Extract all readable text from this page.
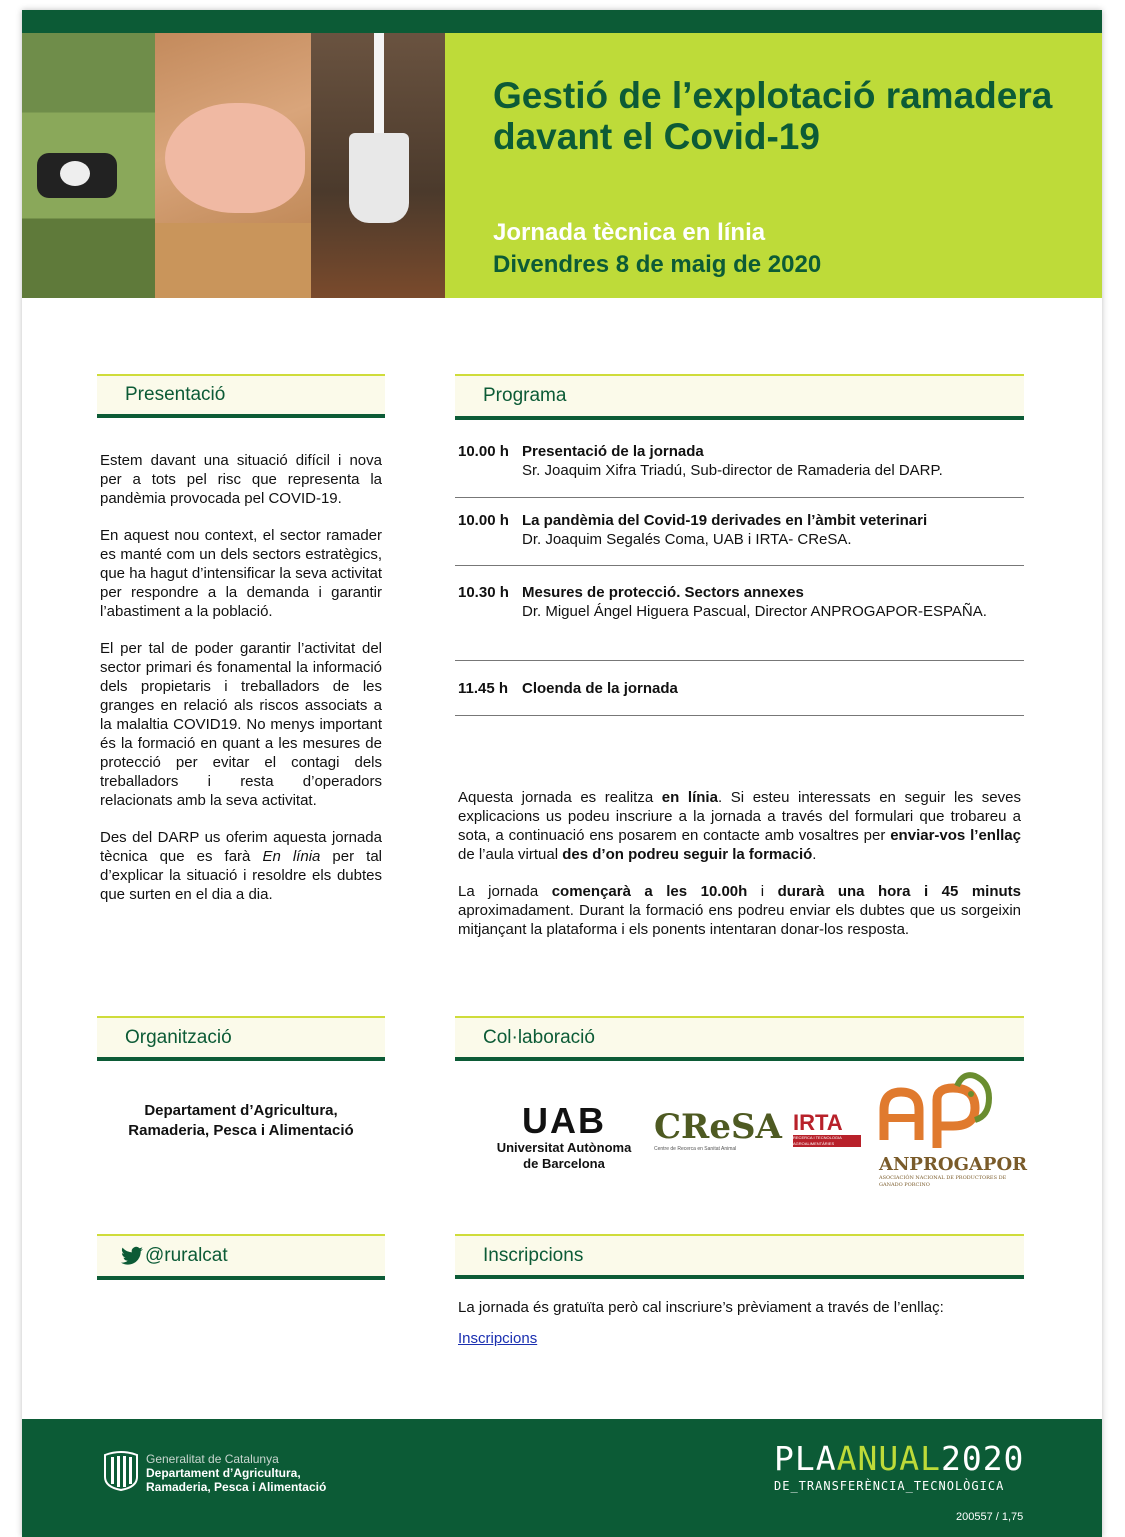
Gestió de l’explotació ramadera davant el Covid-19
Jornada tècnica en línia
Divendres 8 de maig de 2020
Presentació

Estem davant una situació difícil i nova per a tots pel risc que representa la pandèmia provocada pel COVID-19.

En aquest nou context, el sector ramader es manté com un dels sectors estratègics, que ha hagut d’intensificar la seva activitat per respondre a la demanda i garantir l’abastiment a la població.

El per tal de poder garantir l’activitat del sector primari és fonamental la informació dels propietaris i treballadors de les granges en relació als riscos associats a la malaltia COVID19. No menys important és la formació en quant a les mesures de protecció per evitar el contagi dels treballadors i resta d’operadors relacionats amb la seva activitat.

Des del DARP us oferim aquesta jornada tècnica que es farà En línia per tal d’explicar la situació i resoldre els dubtes que surten en el dia a dia.

Programa
10.00 h Presentació de la jornada
Sr. Joaquim Xifra Triadú, Sub-director de Ramaderia del DARP.
10.00 h La pandèmia del Covid-19 derivades en l’àmbit veterinari
Dr. Joaquim Segalés Coma, UAB i IRTA- CReSA.
10.30 h Mesures de protecció. Sectors annexes
Dr. Miguel Ángel Higuera Pascual, Director ANPROGAPOR-ESPAÑA.
11.45 h Cloenda de la jornada

Aquesta jornada es realitza en línia. Si esteu interessats en seguir les seves explicacions us podeu inscriure a la jornada a través del formulari que trobareu a sota, a continuació ens posarem en contacte amb vosaltres per enviar-vos l’enllaç de l’aula virtual des d’on podreu seguir la formació.

La jornada començarà a les 10.00h i durarà una hora i 45 minuts aproximadament. Durant la formació ens podreu enviar els dubtes que us sorgeixin mitjançant la plataforma i els ponents intentaran donar-los resposta.

Organització
Departament d’Agricultura,
Ramaderia, Pesca i Alimentació
Col·laboració
UAB
Universitat Autònoma
de Barcelona
CReSA
Centre de Recerca en Sanitat Animal
IRTA
RECERCA I TECNOLOGIA AGROALIMENTÀRIES
ANPROGAPOR
ASOCIACIÓN NACIONAL DE PRODUCTORES DE GANADO PORCINO
@ruralcat	Inscripcions
La jornada és gratuïta però cal inscriure’s prèviament a través de l’enllaç:
Inscripcions
Generalitat de Catalunya
Departament d’Agricultura,
Ramaderia, Pesca i Alimentació
PLAANUAL2020
DE_TRANSFERÈNCIA_TECNOLÒGICA
200557 / 1,75
